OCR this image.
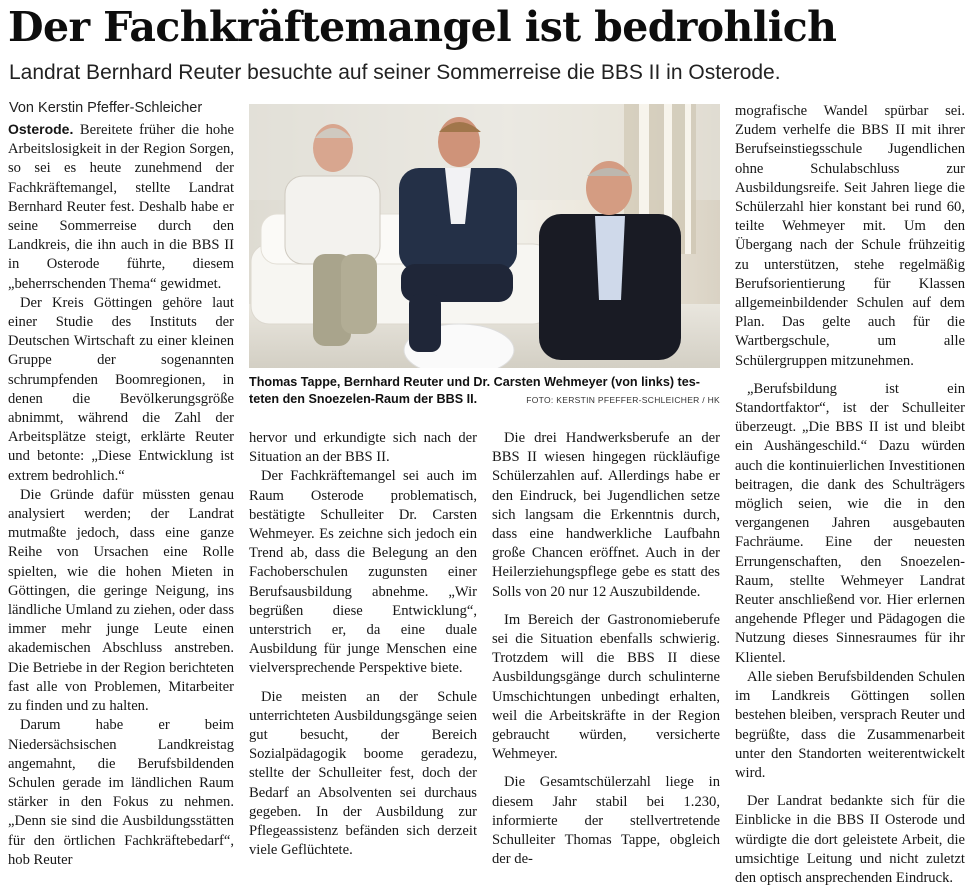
Der Fachkräftemangel ist bedrohlich
Landrat Bernhard Reuter besuchte auf seiner Sommerreise die BBS II in Osterode.
Von Kerstin Pfeffer-Schleicher

Osterode. Bereitete früher die hohe Arbeitslosigkeit in der Region Sorgen, so sei es heute zunehmend der Fachkräftemangel, stellte Landrat Bernhard Reuter fest. Deshalb habe er seine Sommerreise durch den Landkreis, die ihn auch in die BBS II in Osterode führte, diesem „beherrschenden Thema“ gewidmet.

Der Kreis Göttingen gehöre laut einer Studie des Instituts der Deutschen Wirtschaft zu einer kleinen Gruppe der sogenannten schrumpfenden Boomregionen, in denen die Bevölkerungsgröße abnimmt, während die Zahl der Arbeitsplätze steigt, erklärte Reuter und betonte: „Diese Entwicklung ist extrem bedrohlich.“

Die Gründe dafür müssten genau analysiert werden; der Landrat mutmaßte jedoch, dass eine ganze Reihe von Ursachen eine Rolle spielten, wie die hohen Mieten in Göttingen, die geringe Neigung, ins ländliche Umland zu ziehen, oder dass immer mehr junge Leute einen akademischen Abschluss anstreben. Die Betriebe in der Region berichteten fast alle von Problemen, Mitarbeiter zu finden und zu halten.

Darum habe er beim Niedersächsischen Landkreistag angemahnt, die Berufsbildenden Schulen gerade im ländlichen Raum stärker in den Fokus zu nehmen. „Denn sie sind die Ausbildungsstätten für den örtlichen Fachkräftebedarf“, hob Reuter

Thomas Tappe, Bernhard Reuter und Dr. Carsten Wehmeyer (von links) tes-
teten den Snoezelen-Raum der BBS II.	FOTO: KERSTIN PFEFFER-SCHLEICHER / HK

hervor und erkundigte sich nach der Situation an der BBS II.

Der Fachkräftemangel sei auch im Raum Osterode problematisch, bestätigte Schulleiter Dr. Carsten Wehmeyer. Es zeichne sich jedoch ein Trend ab, dass die Belegung an den Fachoberschulen zugunsten einer Berufsausbildung abnehme. „Wir begrüßen diese Entwicklung“, unterstrich er, da eine duale Ausbildung für junge Menschen eine vielversprechende Perspektive biete.

Die meisten an der Schule unterrichteten Ausbildungsgänge seien gut besucht, der Bereich Sozialpädagogik boome geradezu, stellte der Schulleiter fest, doch der Bedarf an Absolventen sei durchaus gegeben. In der Ausbildung zur Pflegeassistenz befänden sich derzeit viele Geflüchtete.

Die drei Handwerksberufe an der BBS II wiesen hingegen rückläufige Schülerzahlen auf. Allerdings habe er den Eindruck, bei Jugendlichen setze sich langsam die Erkenntnis durch, dass eine handwerkliche Laufbahn große Chancen eröffnet. Auch in der Heilerziehungspflege gebe es statt des Solls von 20 nur 12 Auszubildende.

Im Bereich der Gastronomieberufe sei die Situation ebenfalls schwierig. Trotzdem will die BBS II diese Ausbildungsgänge durch schulinterne Umschichtungen unbedingt erhalten, weil die Arbeitskräfte in der Region gebraucht würden, versicherte Wehmeyer.

Die Gesamtschülerzahl liege in diesem Jahr stabil bei 1.230, informierte der stellvertretende Schulleiter Thomas Tappe, obgleich der de-

mografische Wandel spürbar sei. Zudem verhelfe die BBS II mit ihrer Berufseinstiegsschule Jugendlichen ohne Schulabschluss zur Ausbildungsreife. Seit Jahren liege die Schülerzahl hier konstant bei rund 60, teilte Wehmeyer mit. Um den Übergang nach der Schule frühzeitig zu unterstützen, stehe regelmäßig Berufsorientierung für Klassen allgemeinbildender Schulen auf dem Plan. Das gelte auch für die Wartbergschule, um alle Schülergruppen mitzunehmen.

„Berufsbildung ist ein Standortfaktor“, ist der Schulleiter überzeugt. „Die BBS II ist und bleibt ein Aushängeschild.“ Dazu würden auch die kontinuierlichen Investitionen beitragen, die dank des Schulträgers möglich seien, wie die in den vergangenen Jahren ausgebauten Fachräume. Eine der neuesten Errungenschaften, den Snoezelen-Raum, stellte Wehmeyer Landrat Reuter anschließend vor. Hier erlernen angehende Pfleger und Pädagogen die Nutzung dieses Sinnesraumes für ihr Klientel.

Alle sieben Berufsbildenden Schulen im Landkreis Göttingen sollen bestehen bleiben, versprach Reuter und begrüßte, dass die Zusammenarbeit unter den Standorten weiterentwickelt wird.

Der Landrat bedankte sich für die Einblicke in die BBS II Osterode und würdigte die dort geleistete Arbeit, die umsichtige Leitung und nicht zuletzt den optisch ansprechenden Eindruck.
